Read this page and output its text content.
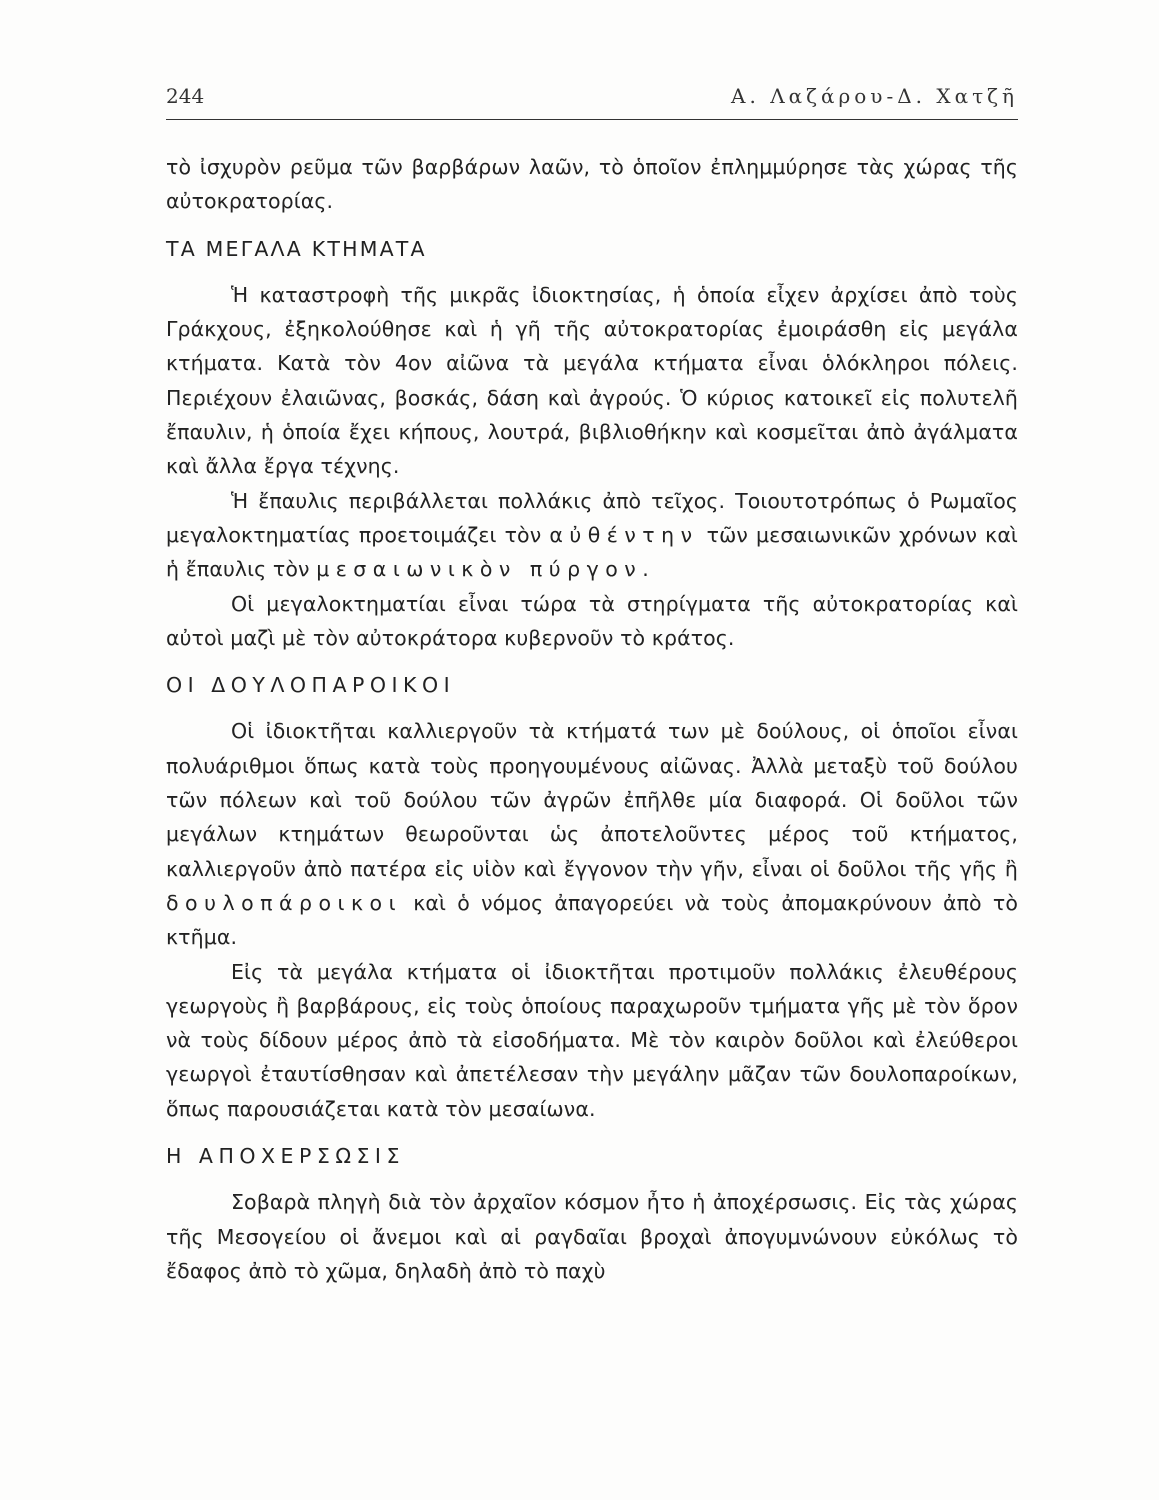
244	Α. Λαζάρου-Δ. Χατζῆ

τὸ ἰσχυρὸν ρεῦμα τῶν βαρβάρων λαῶν, τὸ ὁποῖον ἐπλημμύρησε τὰς χώρας τῆς αὐτοκρατορίας.

ΤΑ ΜΕΓΑΛΑ ΚΤΗΜΑΤΑ

Ἡ καταστροφὴ τῆς μικρᾶς ἰδιοκτησίας, ἡ ὁποία εἶχεν ἀρχίσει ἀπὸ τοὺς Γράκχους, ἐξηκολούθησε καὶ ἡ γῆ τῆς αὐτοκρατορίας ἐμοιράσθη εἰς μεγάλα κτήματα. Κατὰ τὸν 4ον αἰῶνα τὰ μεγάλα κτήματα εἶναι ὁλόκληροι πόλεις. Περιέχουν ἐλαιῶνας, βοσκάς, δάση καὶ ἀγρούς. Ὁ κύριος κατοικεῖ εἰς πολυτελῆ ἔπαυλιν, ἡ ὁποία ἔχει κήπους, λουτρά, βιβλιοθήκην καὶ κοσμεῖται ἀπὸ ἀγάλματα καὶ ἄλλα ἔργα τέχνης.

Ἡ ἔπαυλις περιβάλλεται πολλάκις ἀπὸ τεῖχος. Τοιουτοτρόπως ὁ Ρωμαῖος μεγαλοκτηματίας προετοιμάζει τὸν αὐθέντην τῶν μεσαιωνικῶν χρόνων καὶ ἡ ἔπαυλις τὸν μεσαιωνικὸν πύργον.

Οἱ μεγαλοκτηματίαι εἶναι τώρα τὰ στηρίγματα τῆς αὐτοκρατορίας καὶ αὐτοὶ μαζὶ μὲ τὸν αὐτοκράτορα κυβερνοῦν τὸ κράτος.

ΟΙ ΔΟΥΛΟΠΑΡΟΙΚΟΙ

Οἱ ἰδιοκτῆται καλλιεργοῦν τὰ κτήματά των μὲ δούλους, οἱ ὁποῖοι εἶναι πολυάριθμοι ὅπως κατὰ τοὺς προηγουμένους αἰῶνας. Ἀλλὰ μεταξὺ τοῦ δούλου τῶν πόλεων καὶ τοῦ δούλου τῶν ἀγρῶν ἐπῆλθε μία διαφορά. Οἱ δοῦλοι τῶν μεγάλων κτημάτων θεωροῦνται ὡς ἀποτελοῦντες μέρος τοῦ κτήματος, καλλιεργοῦν ἀπὸ πατέρα εἰς υἱὸν καὶ ἔγγονον τὴν γῆν, εἶναι οἱ δοῦλοι τῆς γῆς ἢ δουλοπάροικοι καὶ ὁ νόμος ἀπαγορεύει νὰ τοὺς ἀπομακρύνουν ἀπὸ τὸ κτῆμα.

Εἰς τὰ μεγάλα κτήματα οἱ ἰδιοκτῆται προτιμοῦν πολλάκις ἐλευθέρους γεωργοὺς ἢ βαρβάρους, εἰς τοὺς ὁποίους παραχωροῦν τμήματα γῆς μὲ τὸν ὅρον νὰ τοὺς δίδουν μέρος ἀπὸ τὰ εἰσοδήματα. Μὲ τὸν καιρὸν δοῦλοι καὶ ἐλεύθεροι γεωργοὶ ἐταυτίσθησαν καὶ ἀπετέλεσαν τὴν μεγάλην μᾶζαν τῶν δουλοπαροίκων, ὅπως παρουσιάζεται κατὰ τὸν μεσαίωνα.

Η ΑΠΟΧΕΡΣΩΣΙΣ

Σοβαρὰ πληγὴ διὰ τὸν ἀρχαῖον κόσμον ἦτο ἡ ἀποχέρσωσις. Εἰς τὰς χώρας τῆς Μεσογείου οἱ ἄνεμοι καὶ αἱ ραγδαῖαι βροχαὶ ἀπογυμνώνουν εὐκόλως τὸ ἔδαφος ἀπὸ τὸ χῶμα, δηλαδὴ ἀπὸ τὸ παχὺ
